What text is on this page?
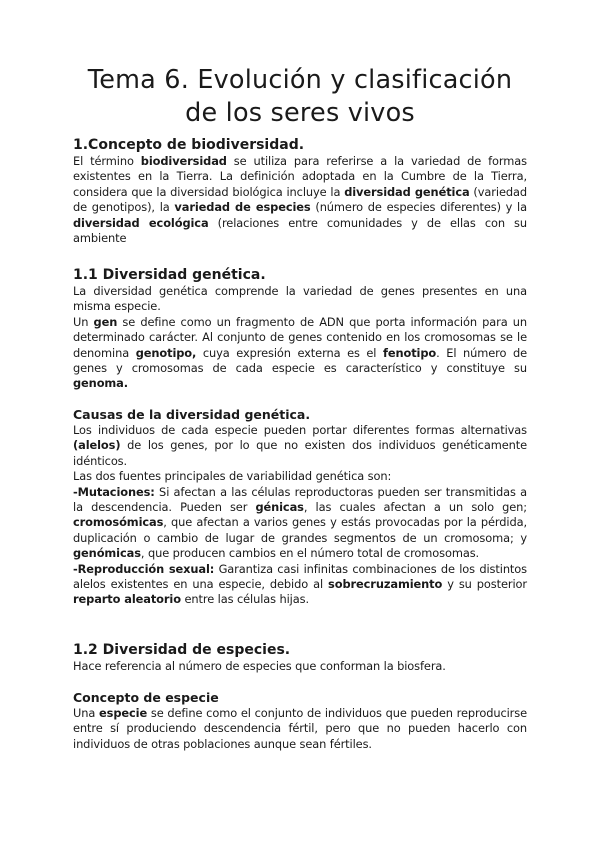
Tema 6. Evolución y clasificación
de los seres vivos
1.Concepto de biodiversidad.

El término biodiversidad se utiliza para referirse a la variedad de formas existentes en la Tierra. La definición adoptada en la Cumbre de la Tierra, considera que la diversidad biológica incluye la diversidad genética (variedad de genotipos), la variedad de especies (número de especies diferentes) y la diversidad ecológica (relaciones entre comunidades y de ellas con su ambiente

1.1 Diversidad genética.

La diversidad genética comprende la variedad de genes presentes en una misma especie.

Un gen se define como un fragmento de ADN que porta información para un determinado carácter. Al conjunto de genes contenido en los cromosomas se le denomina genotipo, cuya expresión externa es el fenotipo. El número de genes y cromosomas de cada especie es característico y constituye su genoma.

Causas de la diversidad genética.

Los individuos de cada especie pueden portar diferentes formas alternativas (alelos) de los genes, por lo que no existen dos individuos genéticamente idénticos.

Las dos fuentes principales de variabilidad genética son:

-Mutaciones: Si afectan a las células reproductoras pueden ser transmitidas a la descendencia. Pueden ser génicas, las cuales afectan a un solo gen; cromosómicas, que afectan a varios genes y estás provocadas por la pérdida, duplicación o cambio de lugar de grandes segmentos de un cromosoma; y genómicas, que producen cambios en el número total de cromosomas.

-Reproducción sexual: Garantiza casi infinitas combinaciones de los distintos alelos existentes en una especie, debido al sobrecruzamiento y su posterior reparto aleatorio entre las células hijas.

1.2 Diversidad de especies.

Hace referencia al número de especies que conforman la biosfera.

Concepto de especie

Una especie se define como el conjunto de individuos que pueden reproducirse entre sí produciendo descendencia fértil, pero que no pueden hacerlo con individuos de otras poblaciones aunque sean fértiles.
